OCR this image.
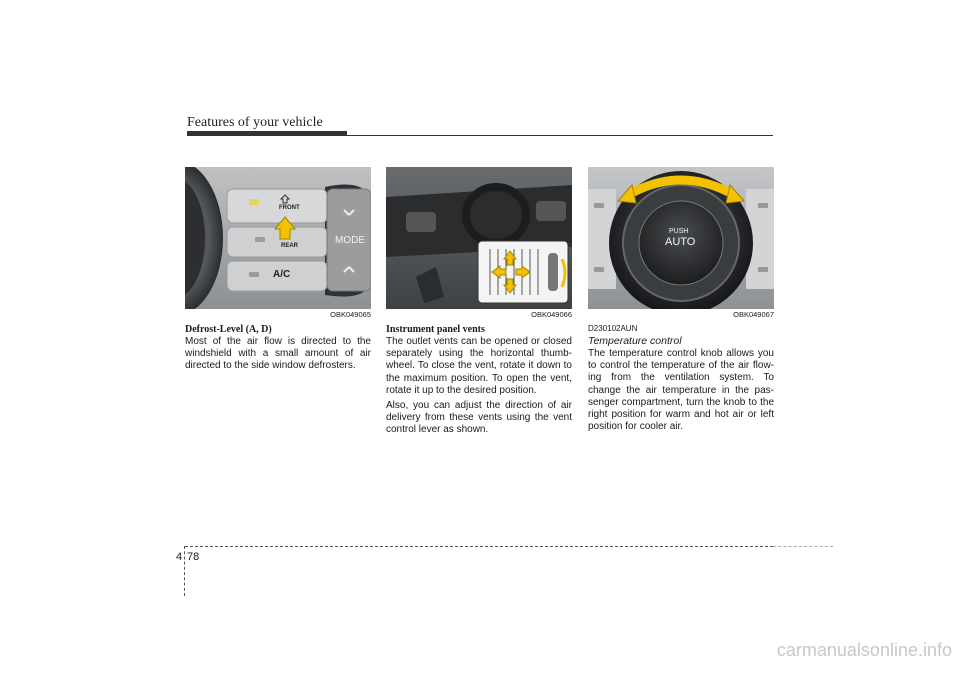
Features of your vehicle
FRONT
REAR	MODE
A/C
OBK049065
Defrost-Level (A, D)

Most of the air flow is directed to the windshield with a small amount of air directed to the side window defrosters.

OBK049066
Instrument panel vents

The outlet vents can be opened or closed separately using the horizontal thumb-wheel. To close the vent, rotate it down to the maximum position. To open the vent, rotate it up to the desired position.

Also, you can adjust the direction of air delivery from these vents using the vent control lever as shown.

PUSH
AUTO
OBK049067
D230102AUN
Temperature control

The temperature control knob allows you to control the temperature of the air flow-ing from the ventilation system. To change the air temperature in the pas-senger compartment, turn the knob to the right position for warm and hot air or left position for cooler air.

4 78
carmanualsonline.info
